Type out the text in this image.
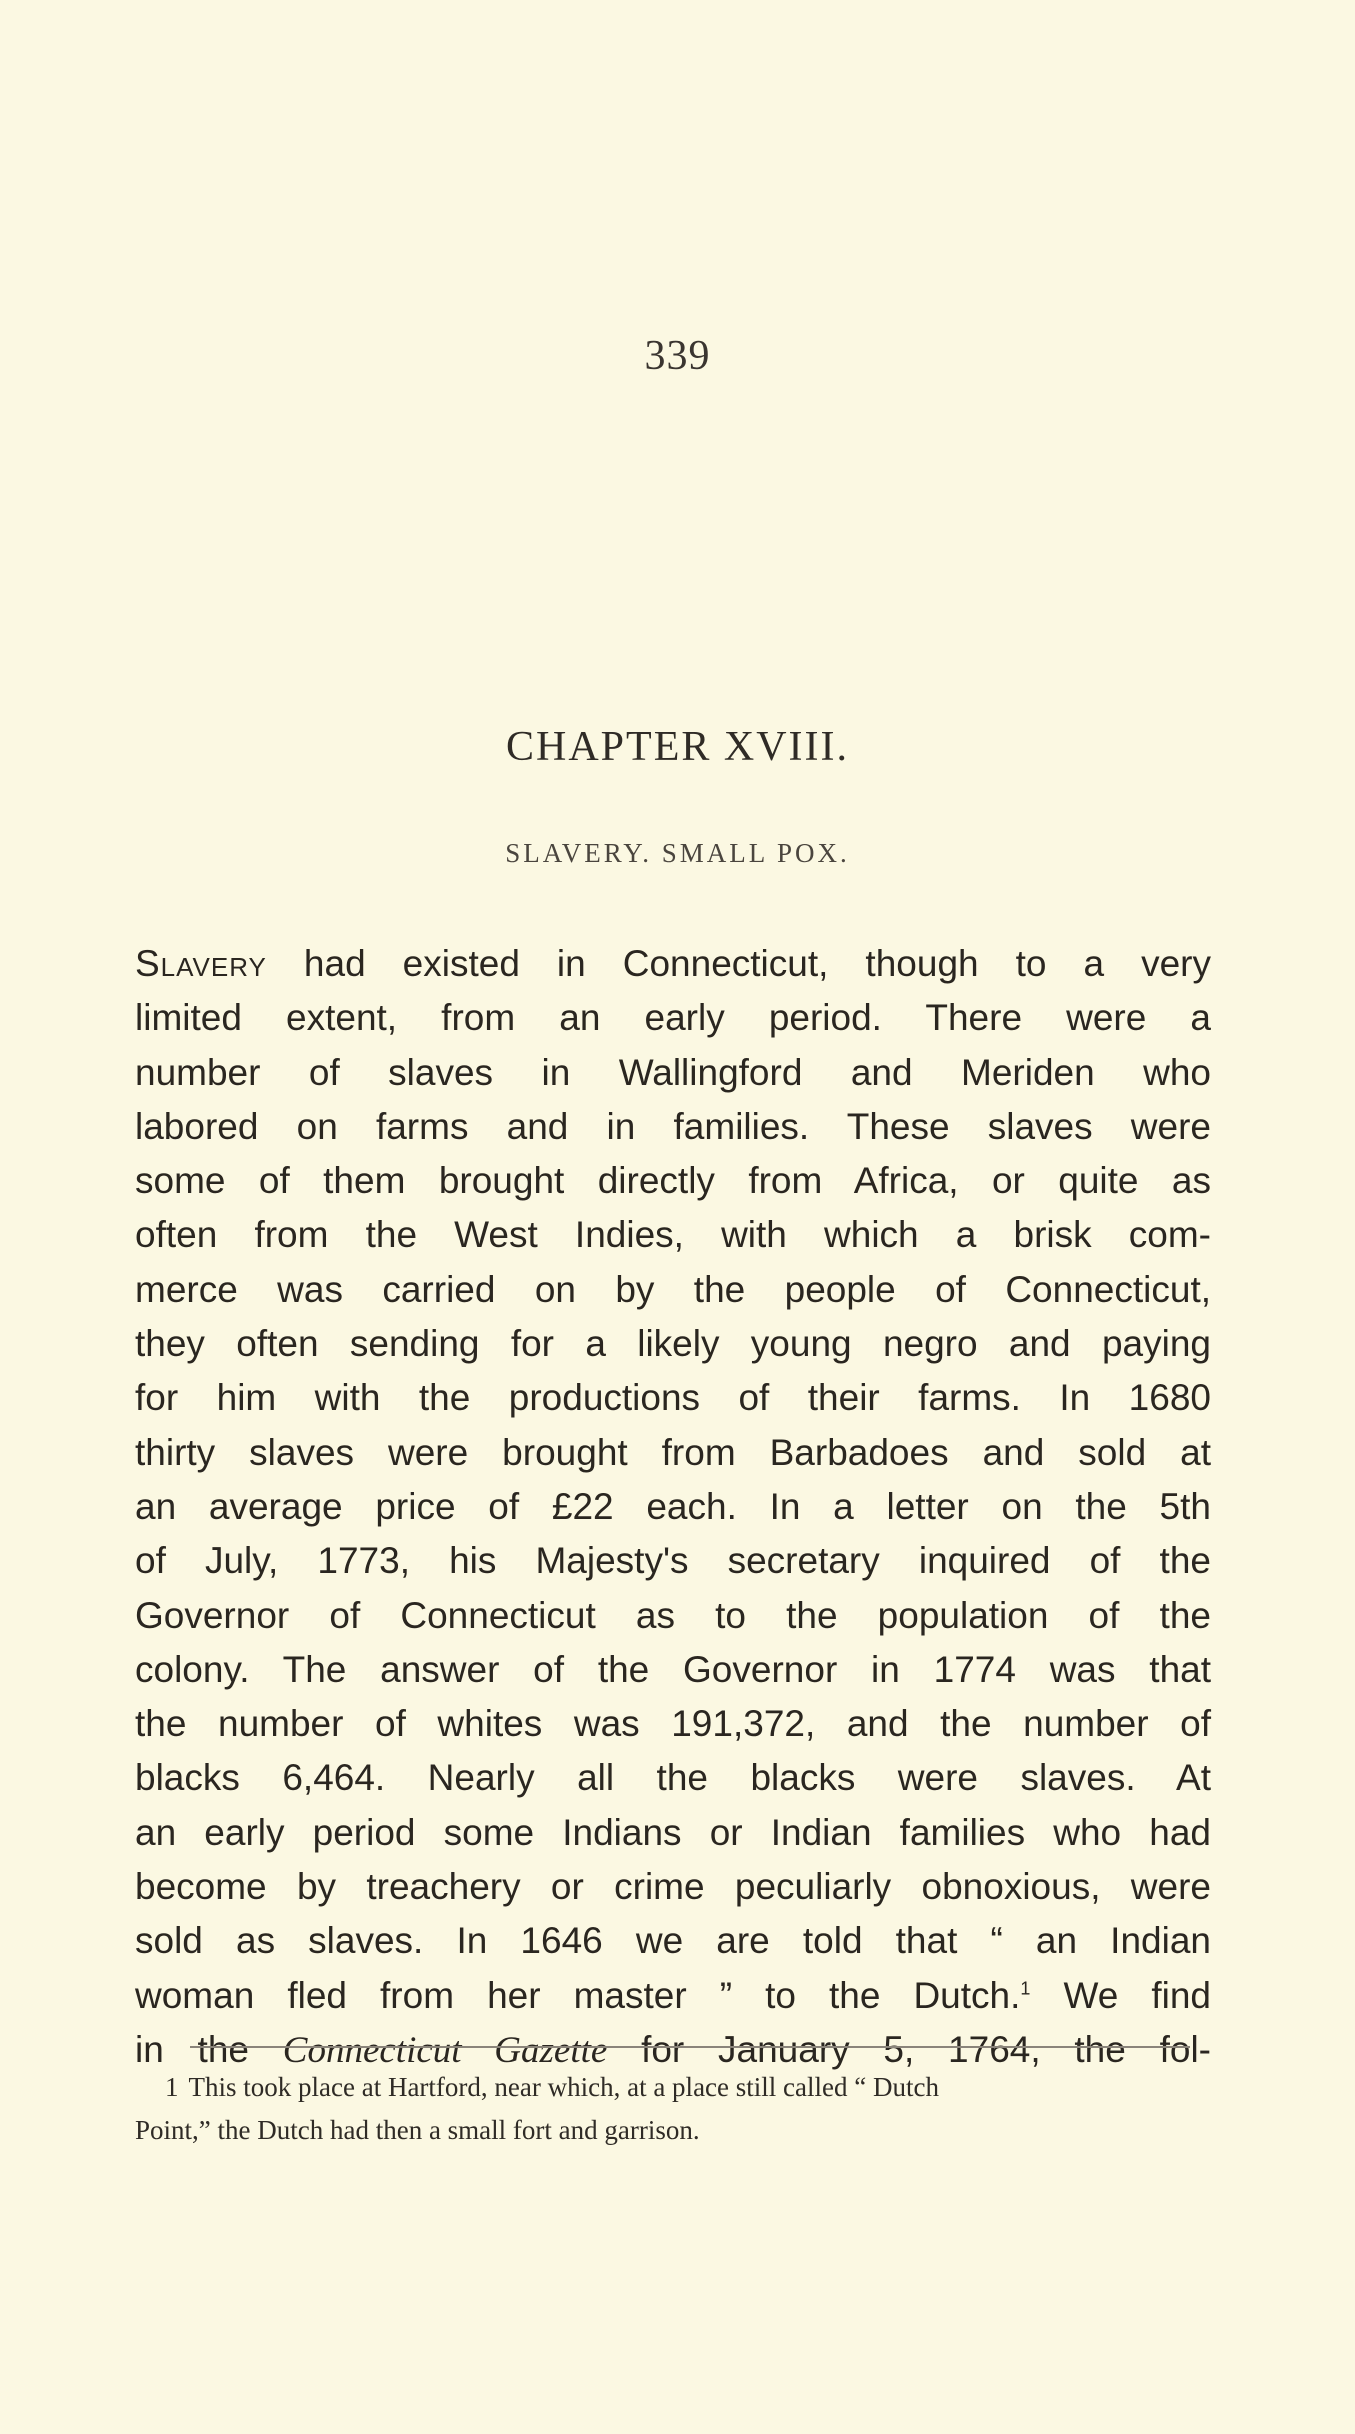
339
CHAPTER XVIII.
SLAVERY. SMALL POX.
Slavery had existed in Connecticut, though to a very
limited extent, from an early period. There were a
number of slaves in Wallingford and Meriden who
labored on farms and in families. These slaves were
some of them brought directly from Africa, or quite as
often from the West Indies, with which a brisk com-
merce was carried on by the people of Connecticut,
they often sending for a likely young negro and paying
for him with the productions of their farms. In 1680
thirty slaves were brought from Barbadoes and sold at
an average price of £22 each. In a letter on the 5th
of July, 1773, his Majesty's secretary inquired of the
Governor of Connecticut as to the population of the
colony. The answer of the Governor in 1774 was that
the number of whites was 191,372, and the number of
blacks 6,464. Nearly all the blacks were slaves. At
an early period some Indians or Indian families who had
become by treachery or crime peculiarly obnoxious, were
sold as slaves. In 1646 we are told that “ an Indian
woman fled from her master ” to the Dutch.$^1$ We find
in the Connecticut Gazette for January 5, 1764, the fol-
1 This took place at Hartford, near which, at a place still called “ Dutch
Point,” the Dutch had then a small fort and garrison.
